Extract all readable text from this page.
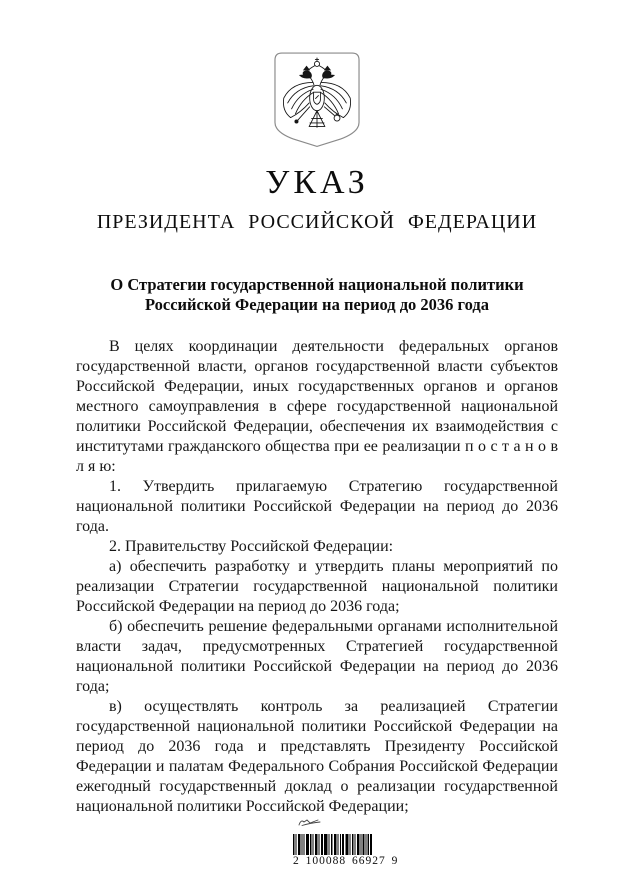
УКАЗ
ПРЕЗИДЕНТА РОССИЙСКОЙ ФЕДЕРАЦИИ
О Стратегии государственной национальной политики
Российской Федерации на период до 2036 года

В целях координации деятельности федеральных органов государственной власти, органов государственной власти субъектов Российской Федерации, иных государственных органов и органов местного самоуправления в сфере государственной национальной политики Российской Федерации, обеспечения их взаимодействия с институтами гражданского общества при ее реализации п о с т а н о в л я ю:

1. Утвердить прилагаемую Стратегию государственной национальной политики Российской Федерации на период до 2036 года.

2. Правительству Российской Федерации:

а) обеспечить разработку и утвердить планы мероприятий по реализации Стратегии государственной национальной политики Российской Федерации на период до 2036 года;

б) обеспечить решение федеральными органами исполнительной власти задач, предусмотренных Стратегией государственной национальной политики Российской Федерации на период до 2036 года;

в) осуществлять контроль за реализацией Стратегии государственной национальной политики Российской Федерации на период до 2036 года и представлять Президенту Российской Федерации и палатам Федерального Собрания Российской Федерации ежегодный государственный доклад о реализации государственной национальной политики Российской Федерации;

2 100088 66927 9
